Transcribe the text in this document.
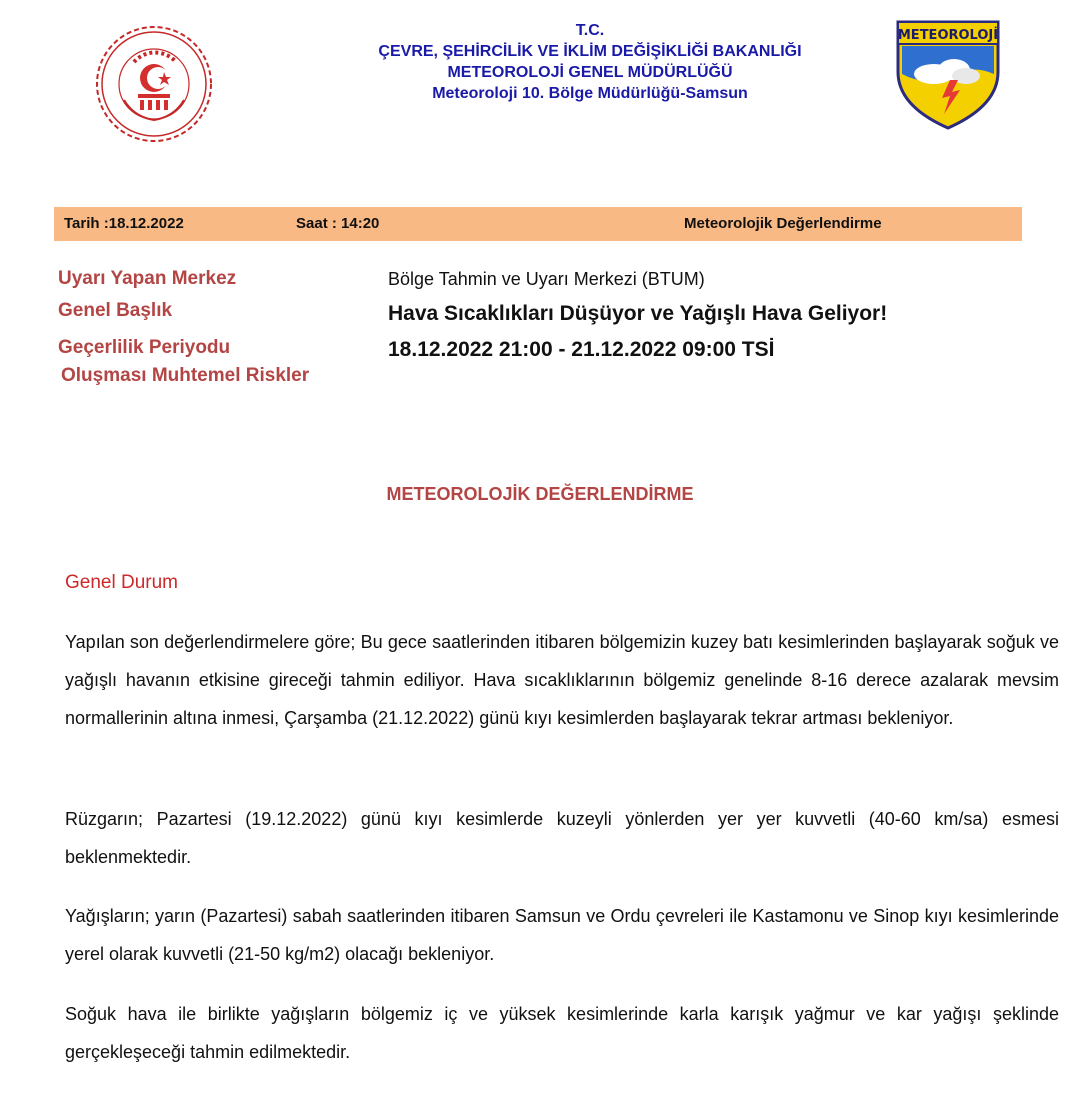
METEOROLOJİ
T.C.
ÇEVRE, ŞEHİRCİLİK VE İKLİM DEĞİŞİKLİĞİ BAKANLIĞI
METEOROLOJİ GENEL MÜDÜRLÜĞÜ
Meteoroloji 10. Bölge Müdürlüğü-Samsun
Tarih :18.12.2022	Saat : 14:20	Meteorolojik Değerlendirme
Uyarı Yapan Merkez
Genel Başlık
Geçerlilik Periyodu
Oluşması Muhtemel Riskler
Bölge Tahmin ve Uyarı Merkezi (BTUM)
Hava Sıcaklıkları Düşüyor ve Yağışlı Hava Geliyor!
18.12.2022 21:00 - 21.12.2022 09:00 TSİ
METEOROLOJİK DEĞERLENDİRME
Genel Durum
Yapılan son değerlendirmelere göre; Bu gece saatlerinden itibaren bölgemizin kuzey batı kesimlerinden başlayarak soğuk ve yağışlı havanın etkisine gireceği tahmin ediliyor. Hava sıcaklıklarının bölgemiz genelinde 8-16 derece azalarak mevsim normallerinin altına inmesi, Çarşamba (21.12.2022) günü kıyı kesimlerden başlayarak tekrar artması bekleniyor.
Rüzgarın; Pazartesi (19.12.2022) günü kıyı kesimlerde kuzeyli yönlerden yer yer kuvvetli (40-60 km/sa) esmesi beklenmektedir.
Yağışların; yarın (Pazartesi) sabah saatlerinden itibaren Samsun ve Ordu çevreleri ile Kastamonu ve Sinop kıyı kesimlerinde yerel olarak kuvvetli (21-50 kg/m2) olacağı bekleniyor.
Soğuk hava ile birlikte yağışların bölgemiz iç ve yüksek kesimlerinde karla karışık yağmur ve kar yağışı şeklinde gerçekleşeceği tahmin edilmektedir.
